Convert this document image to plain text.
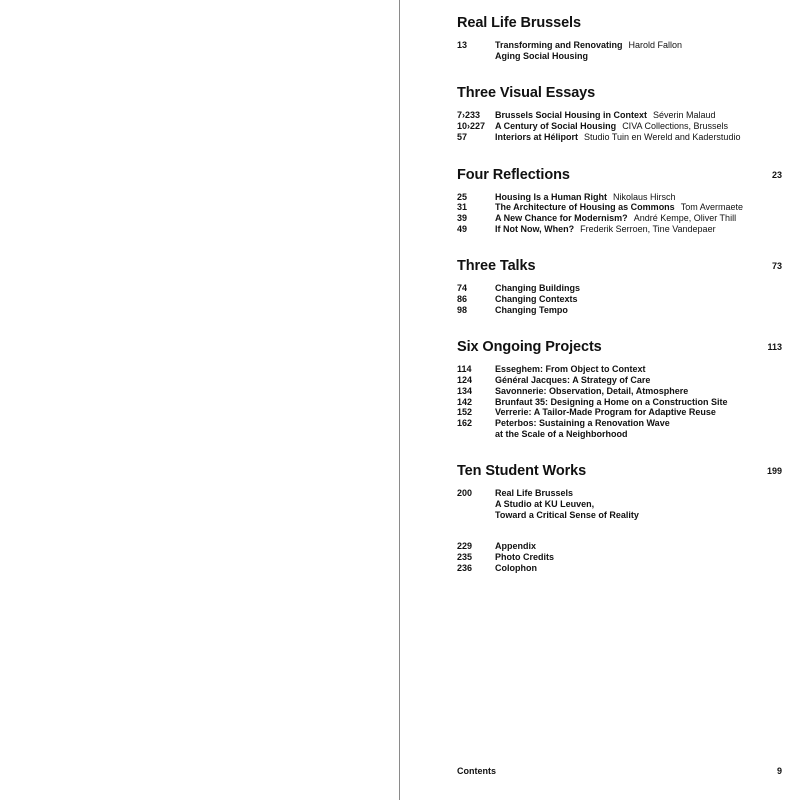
Real Life Brussels
13	Transforming and Renovating Harold Fallon
Aging Social Housing
Three Visual Essays
7›233	Brussels Social Housing in Context Séverin Malaud
10›227	A Century of Social Housing CIVA Collections, Brussels
57	Interiors at Héliport Studio Tuin en Wereld and Kaderstudio
Four Reflections	23
25	Housing Is a Human Right Nikolaus Hirsch
31	The Architecture of Housing as Commons Tom Avermaete
39	A New Chance for Modernism? André Kempe, Oliver Thill
49	If Not Now, When? Frederik Serroen, Tine Vandepaer
Three Talks	73
74	Changing Buildings
86	Changing Contexts
98	Changing Tempo
Six Ongoing Projects	113
114	Esseghem: From Object to Context
124	Général Jacques: A Strategy of Care
134	Savonnerie: Observation, Detail, Atmosphere
142	Brunfaut 35: Designing a Home on a Construction Site
152	Verrerie: A Tailor-Made Program for Adaptive Reuse
162	Peterbos: Sustaining a Renovation Wave
at the Scale of a Neighborhood
Ten Student Works	199
200	Real Life Brussels
A Studio at KU Leuven,
Toward a Critical Sense of Reality
229	Appendix
235	Photo Credits
236	Colophon
Contents	9
